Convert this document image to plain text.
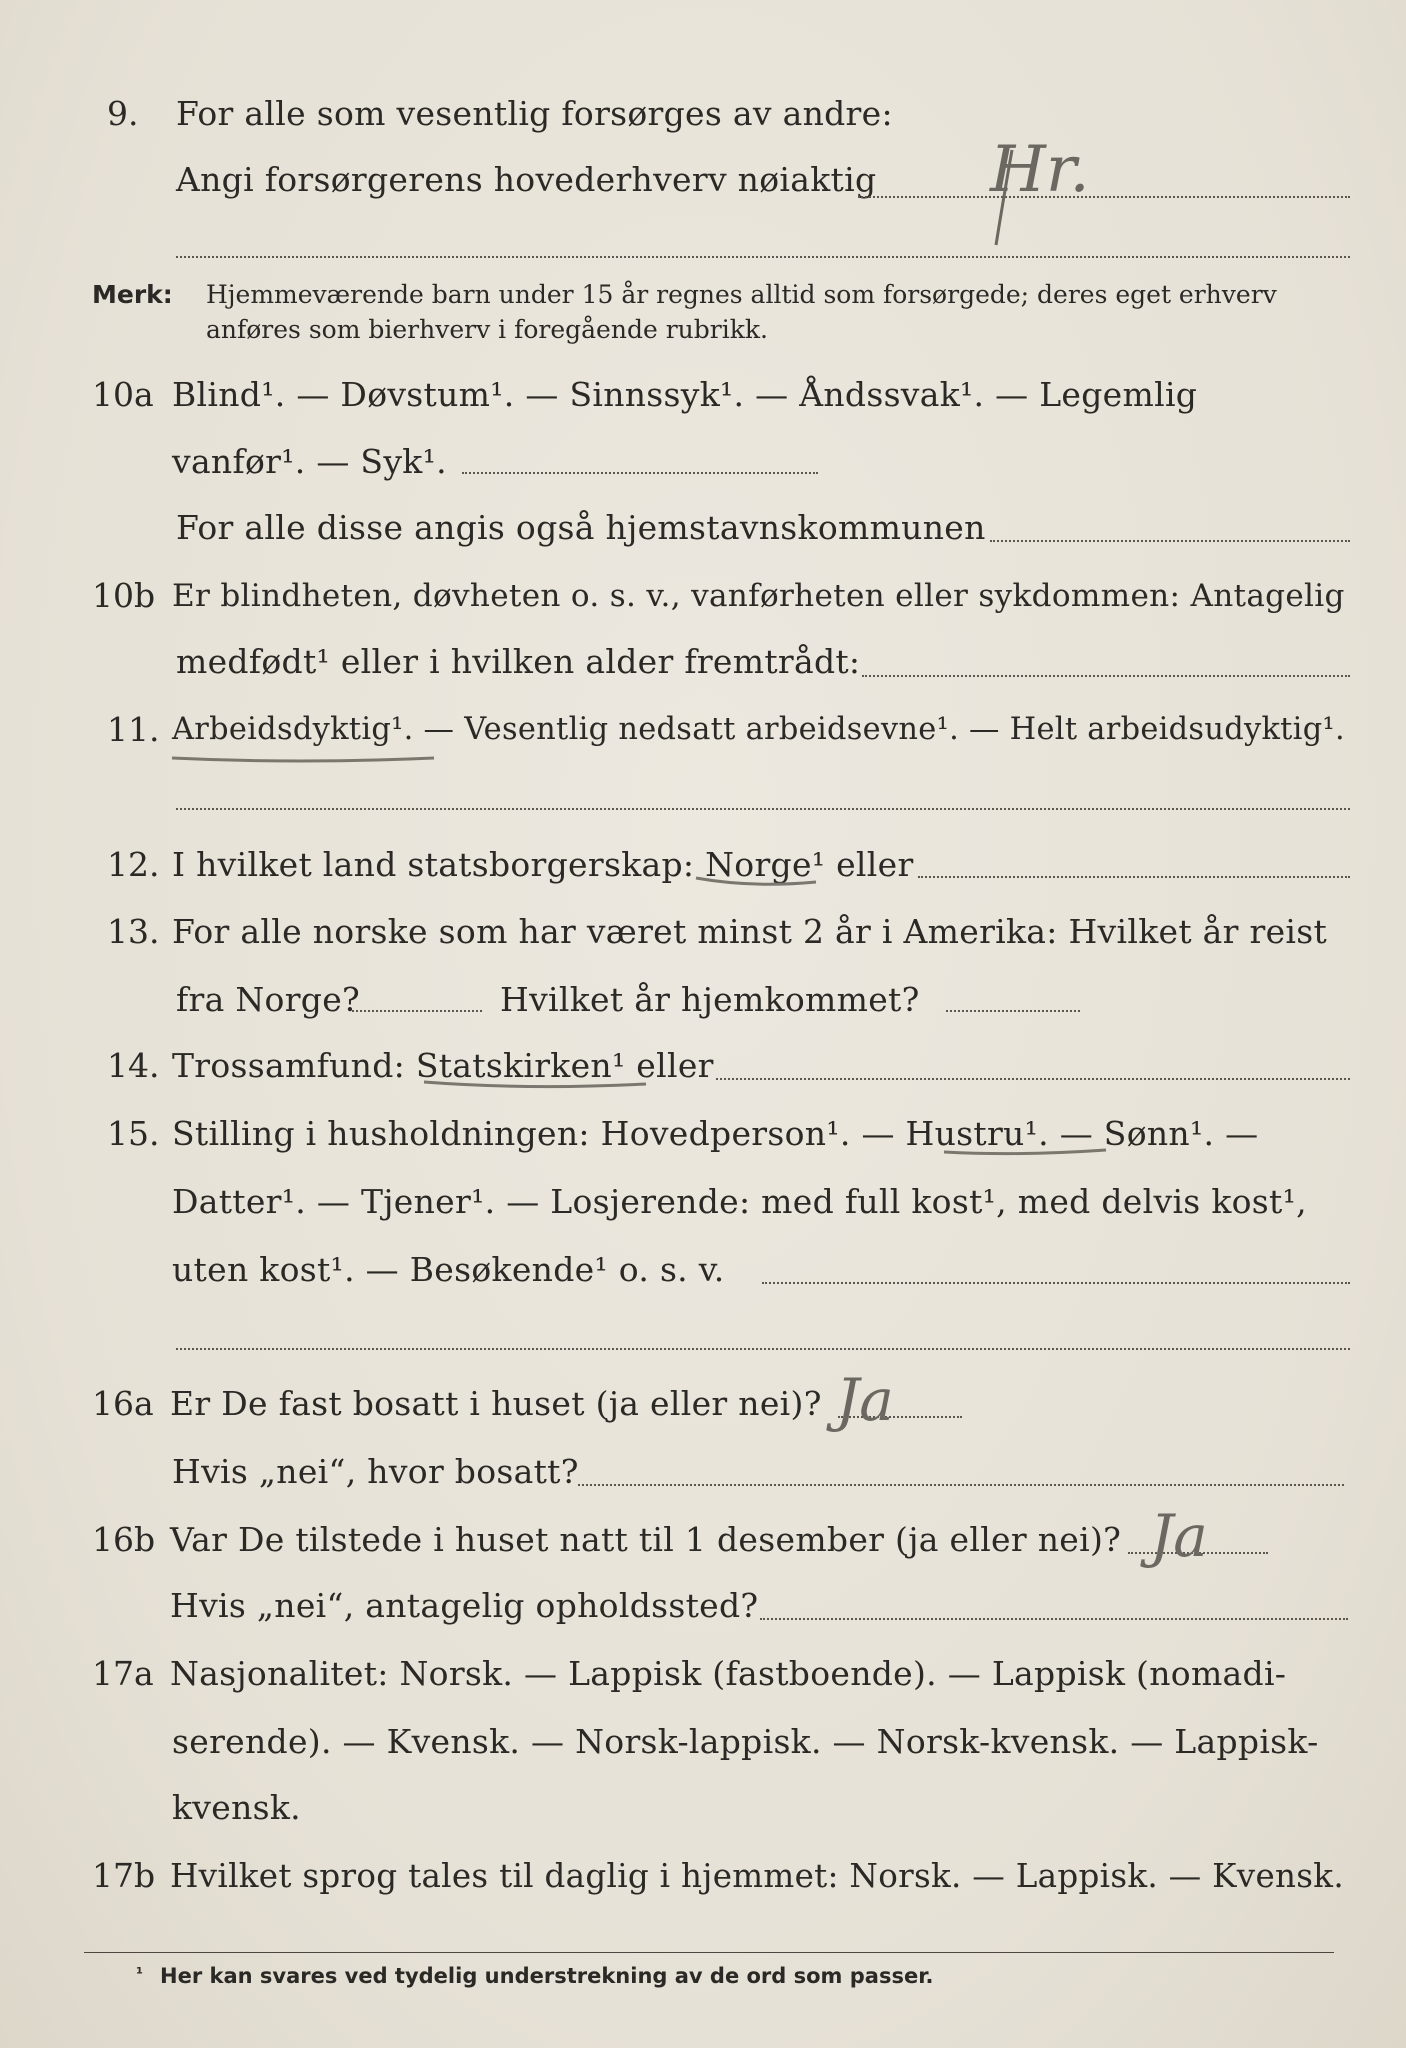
9. For alle som vesentlig forsørges av andre:
Angi forsørgerens hovederhverv nøiaktig Hr.
Merk: Hjemmeværende barn under 15 år regnes alltid som forsørgede; deres eget erhverv
anføres som bierhverv i foregående rubrikk.
10a Blind¹. — Døvstum¹. — Sinnssyk¹. — Åndssvak¹. — Legemlig
vanfør¹. — Syk¹.
For alle disse angis også hjemstavnskommunen
10b Er blindheten, døvheten o. s. v., vanførheten eller sykdommen: Antagelig
medfødt¹ eller i hvilken alder fremtrådt:
11. Arbeidsdyktig¹. — Vesentlig nedsatt arbeidsevne¹. — Helt arbeidsudyktig¹.
12. I hvilket land statsborgerskap: Norge¹ eller
13. For alle norske som har været minst 2 år i Amerika: Hvilket år reist
fra Norge?	Hvilket år hjemkommet?
14. Trossamfund: Statskirken¹ eller
15. Stilling i husholdningen: Hovedperson¹. — Hustru¹. — Sønn¹. —
Datter¹. — Tjener¹. — Losjerende: med full kost¹, med delvis kost¹,
uten kost¹. — Besøkende¹ o. s. v.
16a Er De fast bosatt i huset (ja eller nei)? Ja
Hvis „nei“, hvor bosatt?
16b Var De tilstede i huset natt til 1 desember (ja eller nei)? Ja
Hvis „nei“, antagelig opholdssted?
17a Nasjonalitet: Norsk. — Lappisk (fastboende). — Lappisk (nomadi-
serende). — Kvensk. — Norsk-lappisk. — Norsk-kvensk. — Lappisk-
kvensk.
17b Hvilket sprog tales til daglig i hjemmet: Norsk. — Lappisk. — Kvensk.
¹ Her kan svares ved tydelig understrekning av de ord som passer.
